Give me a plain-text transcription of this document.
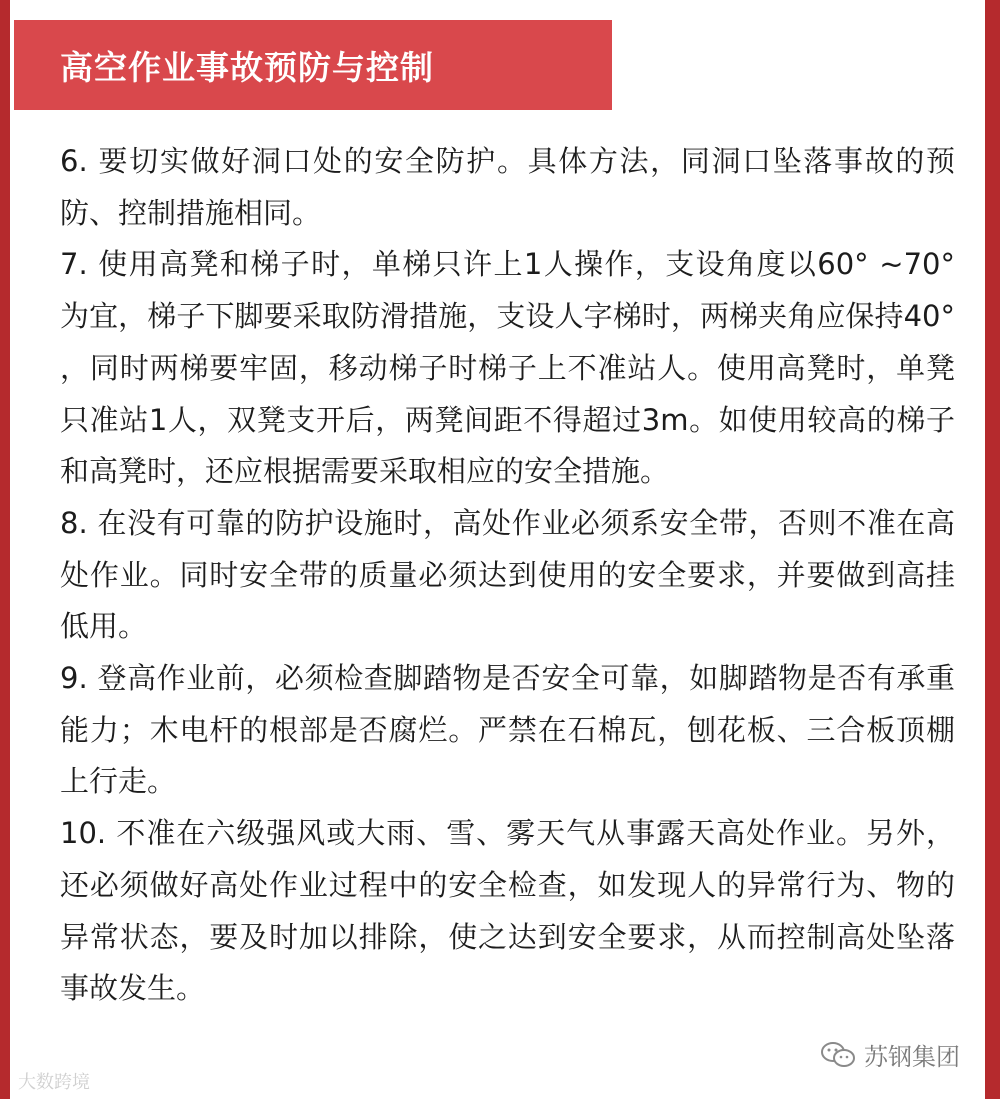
高空作业事故预防与控制

6. 要切实做好洞口处的安全防护。具体方法，同洞口坠落事故的预防、控制措施相同。

7. 使用高凳和梯子时，单梯只许上1人操作，支设角度以60° ~70° 为宜，梯子下脚要采取防滑措施，支设人字梯时，两梯夹角应保持40° ，同时两梯要牢固，移动梯子时梯子上不准站人。使用高凳时，单凳只准站1人，双凳支开后，两凳间距不得超过3m。如使用较高的梯子和高凳时，还应根据需要采取相应的安全措施。

8. 在没有可靠的防护设施时，高处作业必须系安全带，否则不准在高处作业。同时安全带的质量必须达到使用的安全要求，并要做到高挂低用。

9. 登高作业前，必须检查脚踏物是否安全可靠，如脚踏物是否有承重能力；木电杆的根部是否腐烂。严禁在石棉瓦，刨花板、三合板顶棚上行走。

10. 不准在六级强风或大雨、雪、雾天气从事露天高处作业。另外，还必须做好高处作业过程中的安全检查，如发现人的异常行为、物的异常状态，要及时加以排除，使之达到安全要求，从而控制高处坠落事故发生。

大数跨境
苏钢集团
